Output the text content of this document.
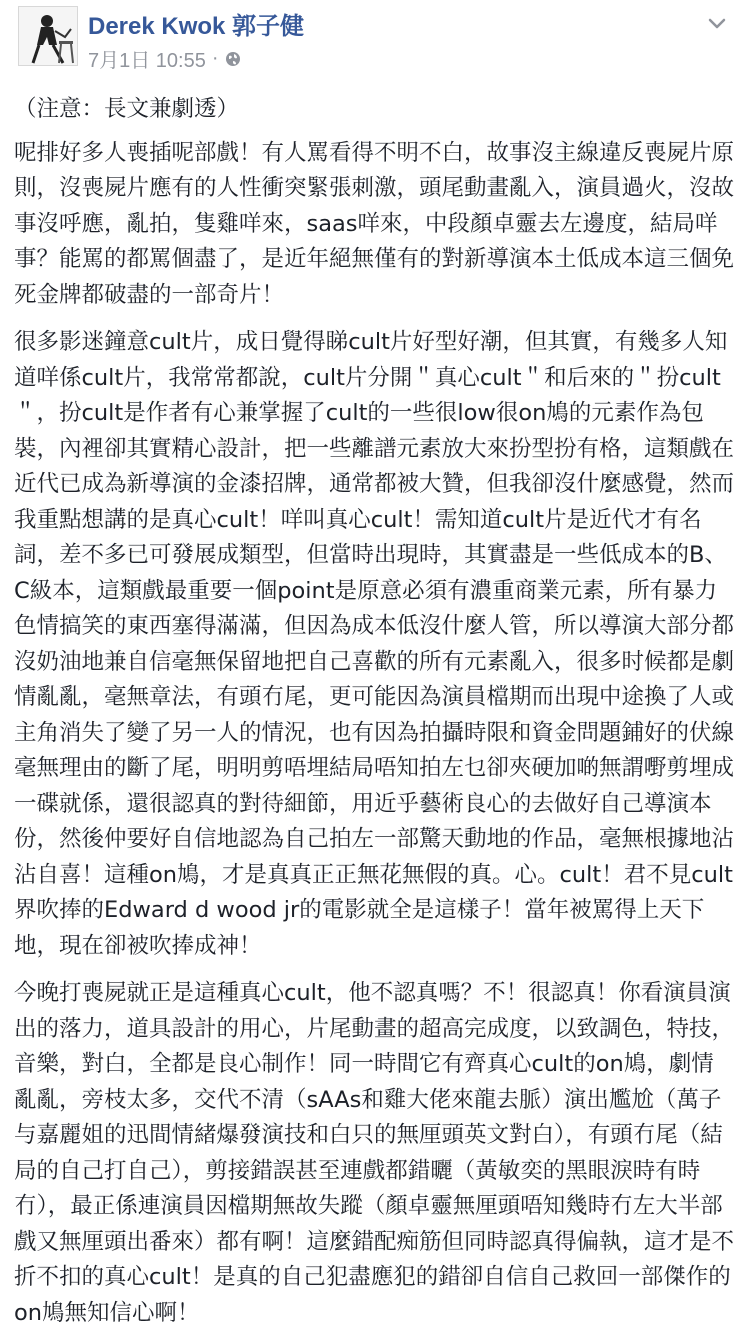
Derek Kwok 郭子健
7月1日 10:55 ·

（注意：長文兼劇透）

呢排好多人喪插呢部戲！有人罵看得不明不白，故事沒主線違反喪屍片原則，沒喪屍片應有的人性衝突緊張刺激，頭尾動畫亂入，演員過火，沒故事沒呼應，亂拍，隻雞咩來，saas咩來，中段顏卓靈去左邊度，結局咩事？能罵的都罵個盡了，是近年絕無僅有的對新導演本土低成本這三個免死金牌都破盡的一部奇片！

很多影迷鐘意cult片，成日覺得睇cult片好型好潮，但其實，有幾多人知道咩係cult片，我常常都說，cult片分開＂真心cult＂和后來的＂扮cult＂，扮cult是作者有心兼掌握了cult的一些很low很on鳩的元素作為包裝，內裡卻其實精心設計，把一些離譜元素放大來扮型扮有格，這類戲在近代已成為新導演的金漆招牌，通常都被大贊，但我卻沒什麼感覺，然而我重點想講的是真心cult！咩叫真心cult！需知道cult片是近代才有名詞，差不多已可發展成類型，但當時出現時，其實盡是一些低成本的B、C級本，這類戲最重要一個point是原意必須有濃重商業元素，所有暴力色情搞笑的東西塞得滿滿，但因為成本低沒什麼人管，所以導演大部分都沒奶油地兼自信毫無保留地把自己喜歡的所有元素亂入，很多时候都是劇情亂亂，毫無章法，有頭冇尾，更可能因為演員檔期而出現中途換了人或主角消失了變了另一人的情況，也有因為拍攝時限和資金問題鋪好的伏線毫無理由的斷了尾，明明剪唔埋結局唔知拍左乜卻夾硬加啲無謂嘢剪埋成一碟就係，還很認真的對待細節，用近乎藝術良心的去做好自己導演本份，然後仲要好自信地認為自己拍左一部驚天動地的作品，毫無根據地沾沾自喜！這種on鳩，才是真真正正無花無假的真。心。cult！君不見cult界吹捧的Edward d wood jr的電影就全是這樣子！當年被罵得上天下地，現在卻被吹捧成神！

今晚打喪屍就正是這種真心cult，他不認真嗎？不！很認真！你看演員演出的落力，道具設計的用心，片尾動畫的超高完成度，以致調色，特技，音樂，對白，全都是良心制作！同一時間它有齊真心cult的on鳩，劇情亂亂，旁枝太多，交代不清（sAAs和雞大佬來龍去脈）演出尷尬（萬子与嘉麗姐的迅間情緒爆發演技和白只的無厘頭英文對白），有頭冇尾（結局的自己打自己），剪接錯誤甚至連戲都錯曬（黃敏奕的黑眼淚時有時冇），最正係連演員因檔期無故失蹤（顏卓靈無厘頭唔知幾時冇左大半部戲又無厘頭出番來）都有啊！這麼錯配痴筋但同時認真得偏執，這才是不折不扣的真心cult！是真的自己犯盡應犯的錯卻自信自己救回一部傑作的on鳩無知信心啊！
